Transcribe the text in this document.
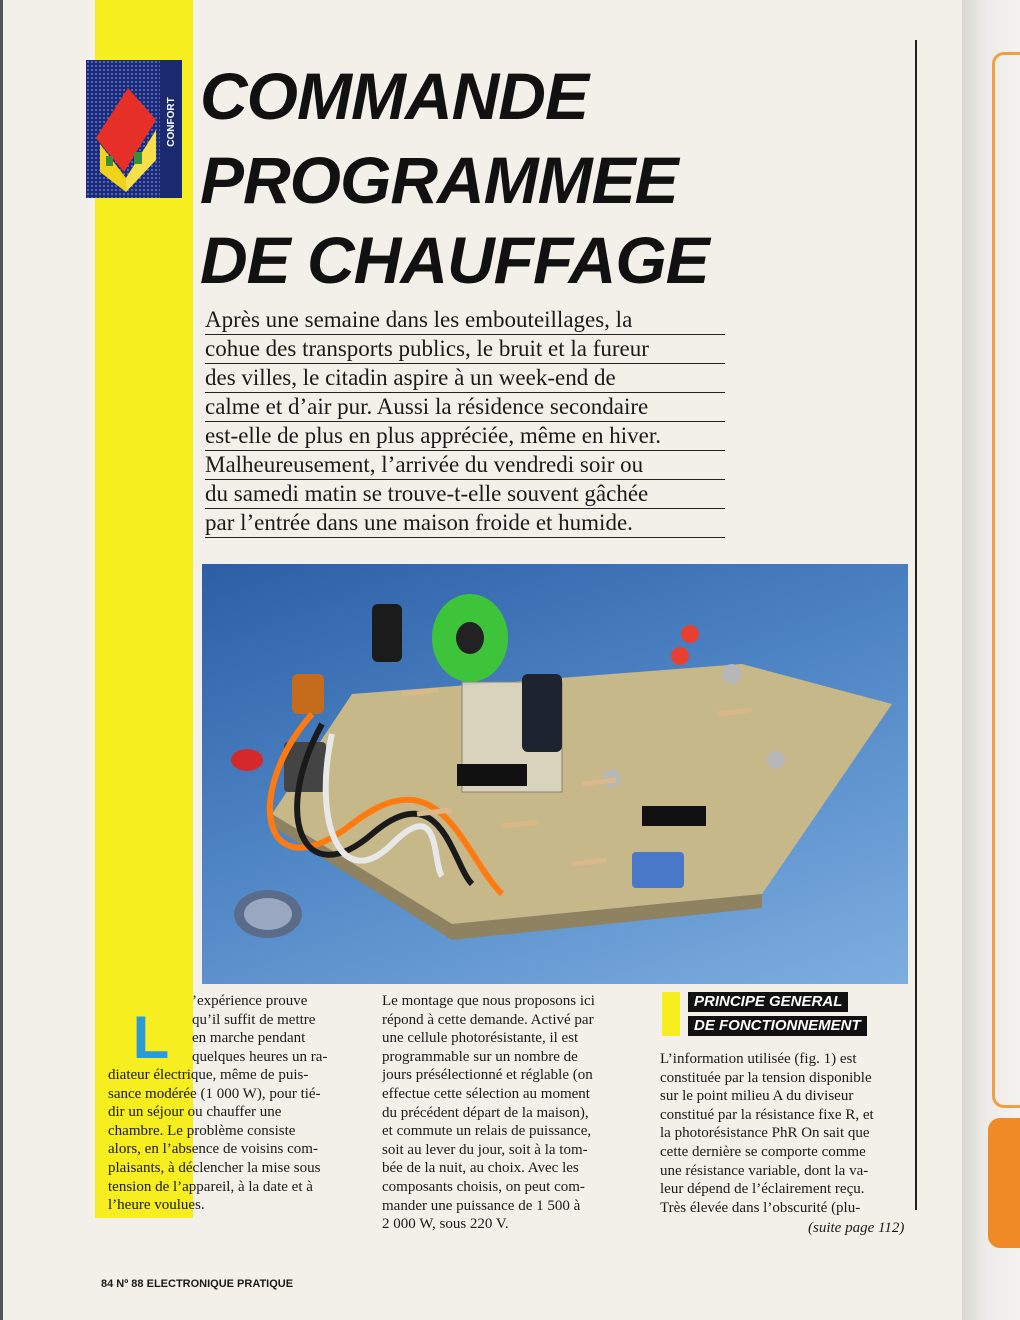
CONFORT COMMANDE
PROGRAMMEE
DE CHAUFFAGE
Après une semaine dans les embouteillages, la
cohue des transports publics, le bruit et la fureur
des villes, le citadin aspire à un week-end de
calme et d’air pur. Aussi la résidence secondaire
est-elle de plus en plus appréciée, même en hiver.
Malheureusement, l’arrivée du vendredi soir ou
du samedi matin se trouve-t-elle souvent gâchée
par l’entrée dans une maison froide et humide.
L
’expérience prouve
qu’il suffit de mettre
en marche pendant
quelques heures un ra-
diateur électrique, même de puis-
sance modérée (1 000 W), pour tié-
dir un séjour ou chauffer une
chambre. Le problème consiste
alors, en l’absence de voisins com-
plaisants, à déclencher la mise sous
tension de l’appareil, à la date et à
l’heure voulues.
Le montage que nous proposons ici
répond à cette demande. Activé par
une cellule photorésistante, il est
programmable sur un nombre de
jours présélectionné et réglable (on
effectue cette sélection au moment
du précédent départ de la maison),
et commute un relais de puissance,
soit au lever du jour, soit à la tom-
bée de la nuit, au choix. Avec les
composants choisis, on peut com-
mander une puissance de 1 500 à
2 000 W, sous 220 V.
PRINCIPE GENERAL
DE FONCTIONNEMENT
L’information utilisée (fig. 1) est
constituée par la tension disponible
sur le point milieu A du diviseur
constitué par la résistance fixe R, et
la photorésistance PhR On sait que
cette dernière se comporte comme
une résistance variable, dont la va-
leur dépend de l’éclairement reçu.
Très élevée dans l’obscurité (plu-
(suite page 112)
84 Nº 88 ELECTRONIQUE PRATIQUE
